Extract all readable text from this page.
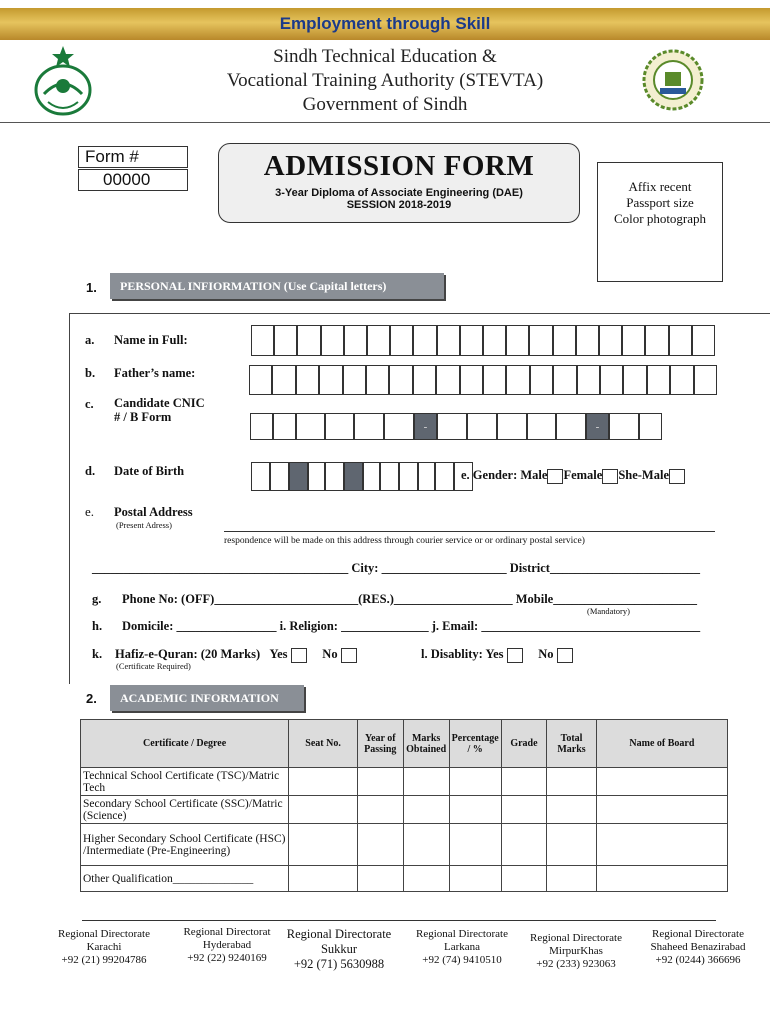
Employment through Skill
Sindh Technical Education &
Vocational Training Authority (STEVTA)
Government of Sindh
Form #
00000	ADMISSION FORM
3-Year Diploma of Associate Engineering (DAE)
SESSION 2018-2019
Affix recent Passport size Color photograph
1.	PERSONAL INFIORMATION (Use Capital letters)
a. Name in Full:
b. Father’s name:
c. Candidate CNIC
# / B Form
-	-
d. Date of Birth	e. Gender: Male Female She-Male
e. Postal Address
(Present Adress)
respondence will be made on this address through courier service or or ordinary postal service)
_________________________________________ City: ____________________ District________________________
g. Phone No: (OFF)_______________________(RES.)___________________ Mobile_______________________
(Mandatory)
h. Domicile: ________________ i. Religion: ______________ j. Email: ___________________________________
k. Hafiz-e-Quran: (20 Marks) Yes	No
(Certificate Required)
l. Disablity: Yes	No
2.	ACADEMIC INFORMATION
Certificate / Degree	Seat No.	Year of Passing	Marks Obtained	Percentage / %	Grade	Total Marks	Name of Board
Technical School Certificate (TSC)/Matric Tech							
Secondary School Certificate (SSC)/Matric (Science)							
Higher Secondary School Certificate (HSC) /Intermediate (Pre-Engineering)							
Other Qualification______________							
Regional Directorate
Karachi
+92 (21) 99204786
Regional Directorat
Hyderabad
+92 (22) 9240169
Regional Directorate
Sukkur
+92 (71) 5630988
Regional Directorate
Larkana
+92 (74) 9410510
Regional Directorate
MirpurKhas
+92 (233) 923063
Regional Directorate
Shaheed Benazirabad
+92 (0244) 366696
